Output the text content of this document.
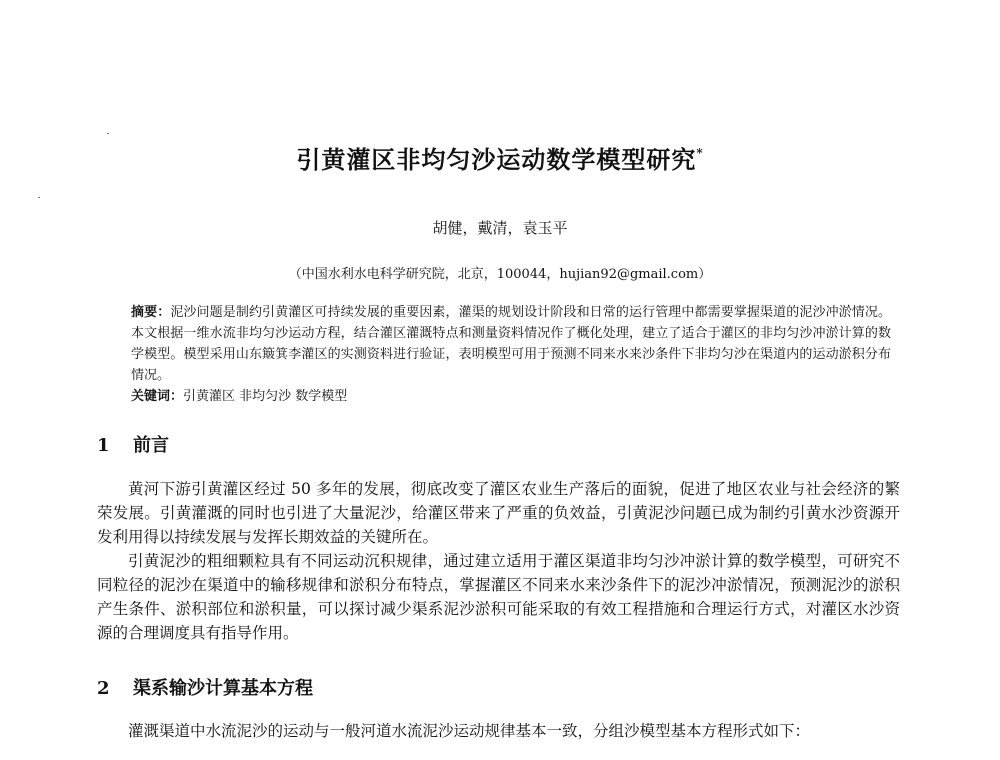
引黄灌区非均匀沙运动数学模型研究*
胡健，戴清，袁玉平
（中国水利水电科学研究院，北京，100044，hujian92@gmail.com）
摘要：泥沙问题是制约引黄灌区可持续发展的重要因素，灌渠的规划设计阶段和日常的运行管理中都需要掌握渠道的泥沙冲淤情况。本文根据一维水流非均匀沙运动方程，结合灌区灌溉特点和测量资料情况作了概化处理，建立了适合于灌区的非均匀沙冲淤计算的数学模型。模型采用山东簸箕李灌区的实测资料进行验证，表明模型可用于预测不同来水来沙条件下非均匀沙在渠道内的运动淤积分布情况。
关键词：引黄灌区 非均匀沙 数学模型
1 前言

黄河下游引黄灌区经过 50 多年的发展，彻底改变了灌区农业生产落后的面貌，促进了地区农业与社会经济的繁荣发展。引黄灌溉的同时也引进了大量泥沙，给灌区带来了严重的负效益，引黄泥沙问题已成为制约引黄水沙资源开发利用得以持续发展与发挥长期效益的关键所在。

引黄泥沙的粗细颗粒具有不同运动沉积规律，通过建立适用于灌区渠道非均匀沙冲淤计算的数学模型，可研究不同粒径的泥沙在渠道中的输移规律和淤积分布特点，掌握灌区不同来水来沙条件下的泥沙冲淤情况，预测泥沙的淤积产生条件、淤积部位和淤积量，可以探讨减少渠系泥沙淤积可能采取的有效工程措施和合理运行方式，对灌区水沙资源的合理调度具有指导作用。

2 渠系输沙计算基本方程

灌溉渠道中水流泥沙的运动与一般河道水流泥沙运动规律基本一致，分组沙模型基本方程形式如下：
